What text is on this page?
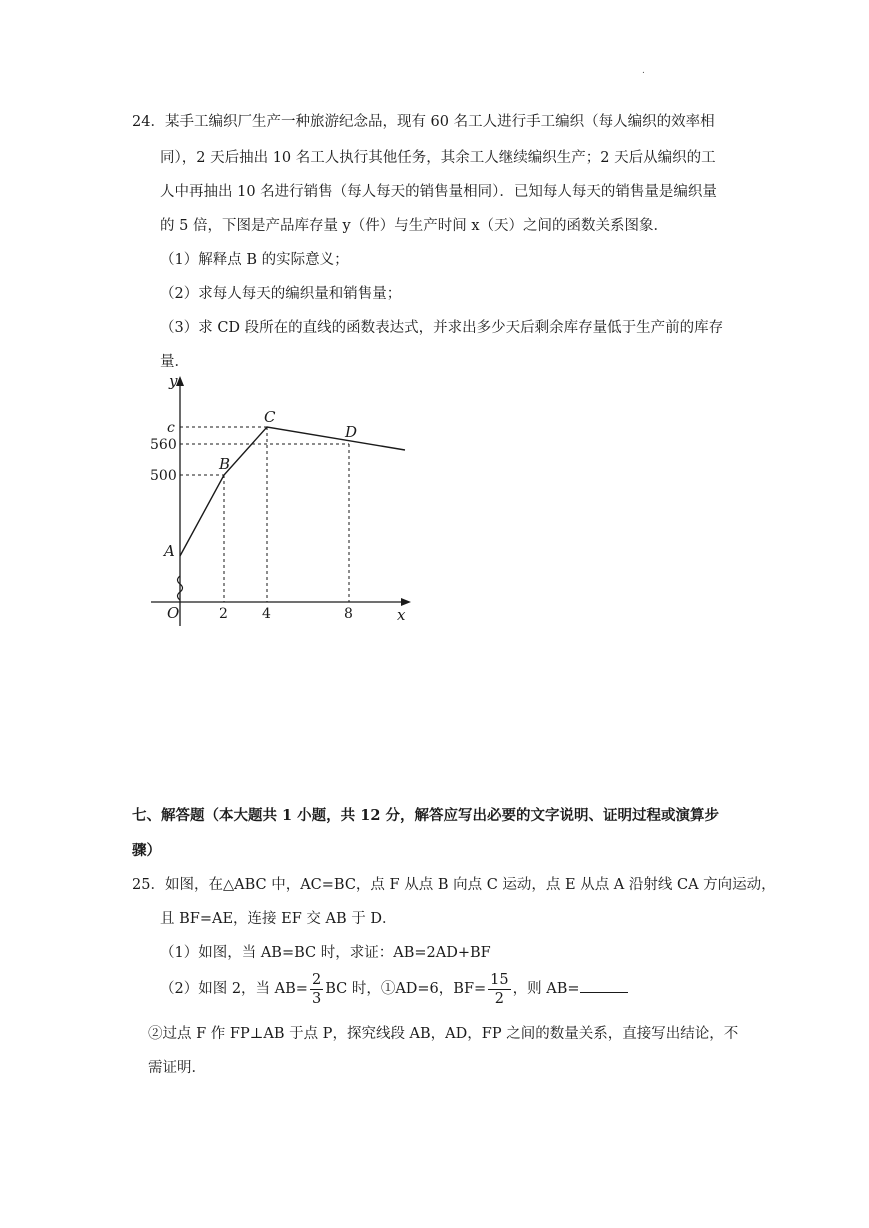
.
24．某手工编织厂生产一种旅游纪念品，现有 60 名工人进行手工编织（每人编织的效率相
同），2 天后抽出 10 名工人执行其他任务，其余工人继续编织生产；2 天后从编织的工
人中再抽出 10 名进行销售（每人每天的销售量相同）．已知每人每天的销售量是编织量
的 5 倍，下图是产品库存量 y（件）与生产时间 x（天）之间的函数关系图象．
（1）解释点 B 的实际意义；
（2）求每人每天的编织量和销售量；
（3）求 CD 段所在的直线的函数表达式，并求出多少天后剩余库存量低于生产前的库存
量．
y
x
O
c
560
500
2 4	8
A
B
C
D
七、解答题（本大题共 1 小题，共 12 分，解答应写出必要的文字说明、证明过程或演算步
骤）
25．如图，在△ABC 中，AC=BC，点 F 从点 B 向点 C 运动，点 E 从点 A 沿射线 CA 方向运动，
且 BF=AE，连接 EF 交 AB 于 D．
（1）如图，当 AB=BC 时，求证：AB=2AD+BF
（2）如图 2，当 $AB= \frac{2}{3}$ BC 时，①AD=6，$BF= \frac{15}{2}$ ，则 AB=
②过点 F 作 FP⊥AB 于点 P，探究线段 AB，AD，FP 之间的数量关系，直接写出结论，不
需证明．
